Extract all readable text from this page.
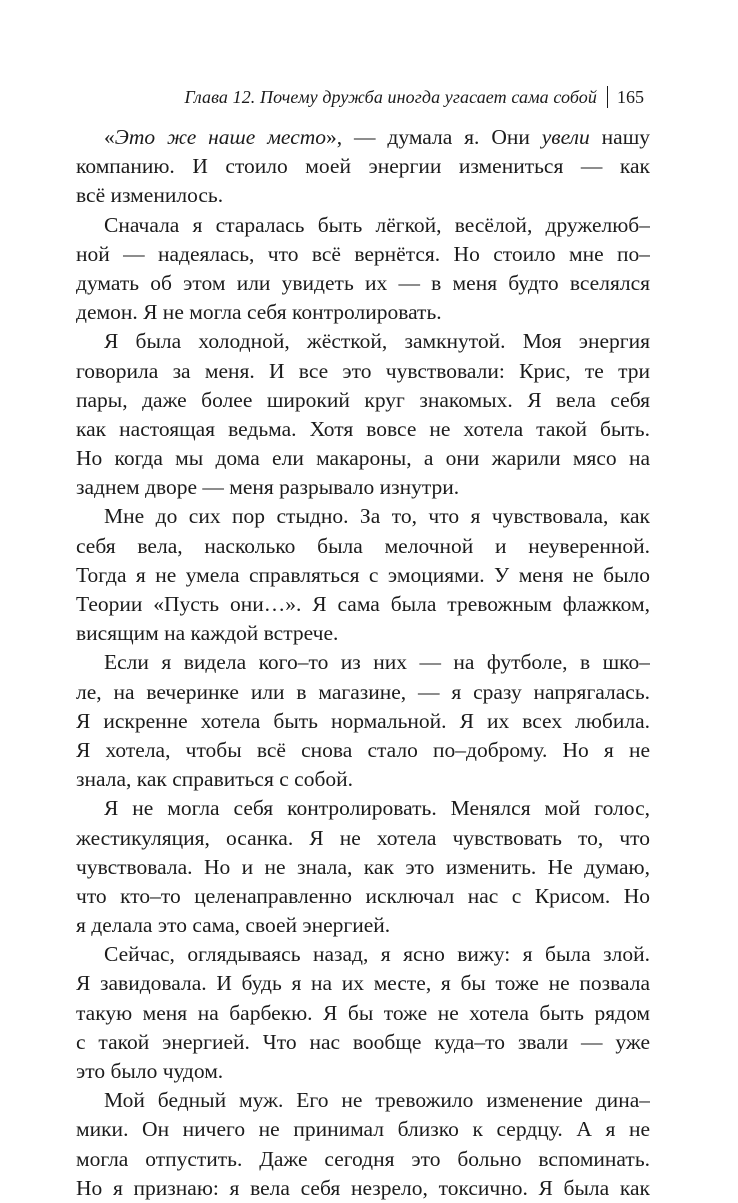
Глава 12. Почему дружба иногда угасает сама собой 165
«Это же наше место», — думала я. Они увели нашу
компанию. И стоило моей энергии измениться — как
всё изменилось.
Сначала я старалась быть лёгкой, весёлой, дружелюб–
ной — надеялась, что всё вернётся. Но стоило мне по–
думать об этом или увидеть их — в меня будто вселялся
демон. Я не могла себя контролировать.
Я была холодной, жёсткой, замкнутой. Моя энергия
говорила за меня. И все это чувствовали: Крис, те три
пары, даже более широкий круг знакомых. Я вела себя
как настоящая ведьма. Хотя вовсе не хотела такой быть.
Но когда мы дома ели макароны, а они жарили мясо на
заднем дворе — меня разрывало изнутри.
Мне до сих пор стыдно. За то, что я чувствовала, как
себя вела, насколько была мелочной и неуверенной.
Тогда я не умела справляться с эмоциями. У меня не было
Теории «Пусть они…». Я сама была тревожным флажком,
висящим на каждой встрече.
Если я видела кого–то из них — на футболе, в шко–
ле, на вечеринке или в магазине, — я сразу напрягалась.
Я искренне хотела быть нормальной. Я их всех любила.
Я хотела, чтобы всё снова стало по–доброму. Но я не
знала, как справиться с собой.
Я не могла себя контролировать. Менялся мой голос,
жестикуляция, осанка. Я не хотела чувствовать то, что
чувствовала. Но и не знала, как это изменить. Не думаю,
что кто–то целенаправленно исключал нас с Крисом. Но
я делала это сама, своей энергией.
Сейчас, оглядываясь назад, я ясно вижу: я была злой.
Я завидовала. И будь я на их месте, я бы тоже не позвала
такую меня на барбекю. Я бы тоже не хотела быть рядом
с такой энергией. Что нас вообще куда–то звали — уже
это было чудом.
Мой бедный муж. Его не тревожило изменение дина–
мики. Он ничего не принимал близко к сердцу. А я не
могла отпустить. Даже сегодня это больно вспоминать.
Но я признаю: я вела себя незрело, токсично. Я была как
